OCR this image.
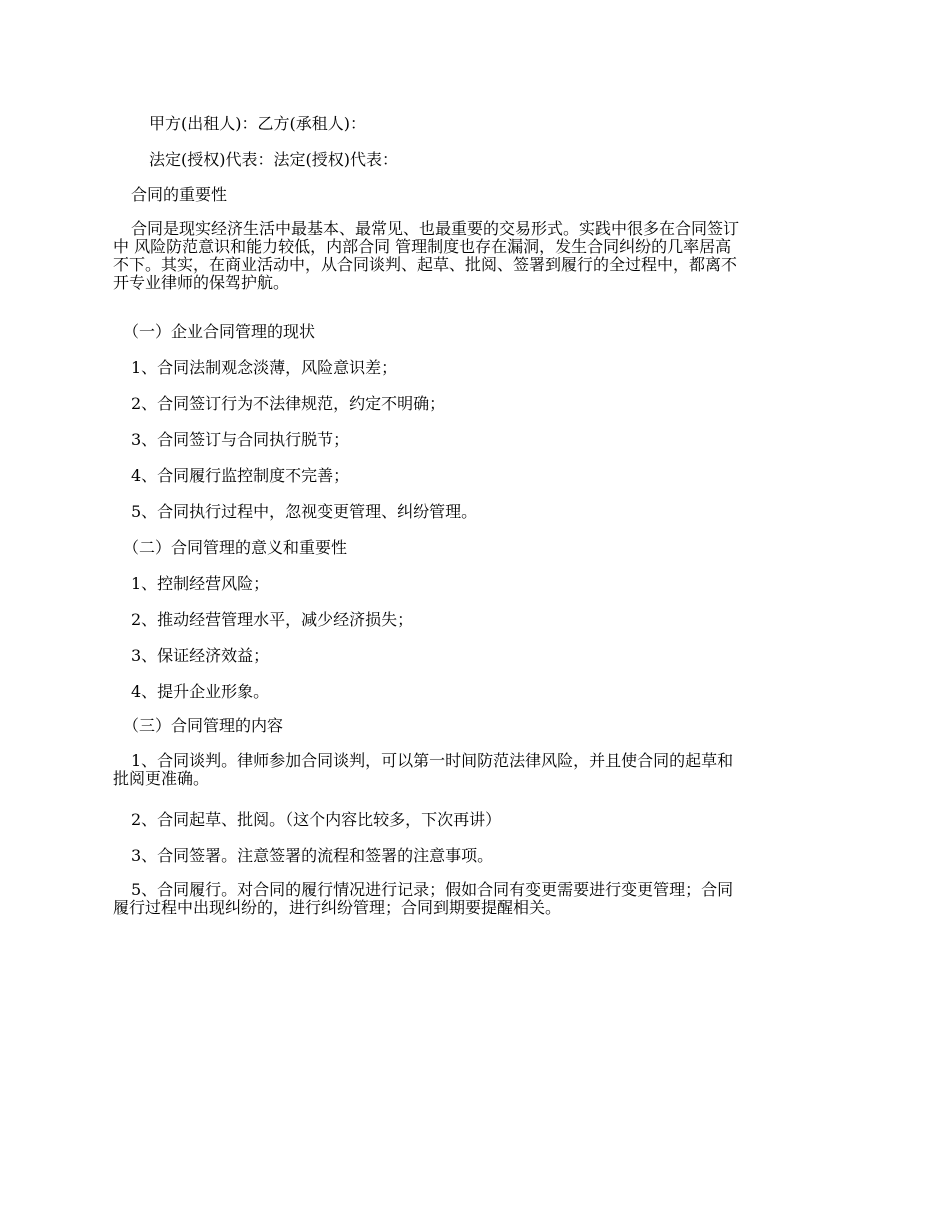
甲方(出租人)：乙方(承租人)：

法定(授权)代表：法定(授权)代表：

合同的重要性

合同是现实经济生活中最基本、最常见、也最重要的交易形式。实践中很多在合同签订
中 风险防范意识和能力较低，内部合同 管理制度也存在漏洞，发生合同纠纷的几率居高
不下。其实，在商业活动中，从合同谈判、起草、批阅、签署到履行的全过程中，都离不
开专业律师的保驾护航。

（一）企业合同管理的现状

1、合同法制观念淡薄，风险意识差；

2、合同签订行为不法律规范，约定不明确；

3、合同签订与合同执行脱节；

4、合同履行监控制度不完善；

5、合同执行过程中，忽视变更管理、纠纷管理。

（二）合同管理的意义和重要性

1、控制经营风险；

2、推动经营管理水平，减少经济损失；

3、保证经济效益；

4、提升企业形象。

（三）合同管理的内容

1、合同谈判。律师参加合同谈判，可以第一时间防范法律风险，并且使合同的起草和
批阅更准确。

2、合同起草、批阅。（这个内容比较多，下次再讲）

3、合同签署。注意签署的流程和签署的注意事项。

5、合同履行。对合同的履行情况进行记录；假如合同有变更需要进行变更管理；合同
履行过程中出现纠纷的，进行纠纷管理；合同到期要提醒相关。
